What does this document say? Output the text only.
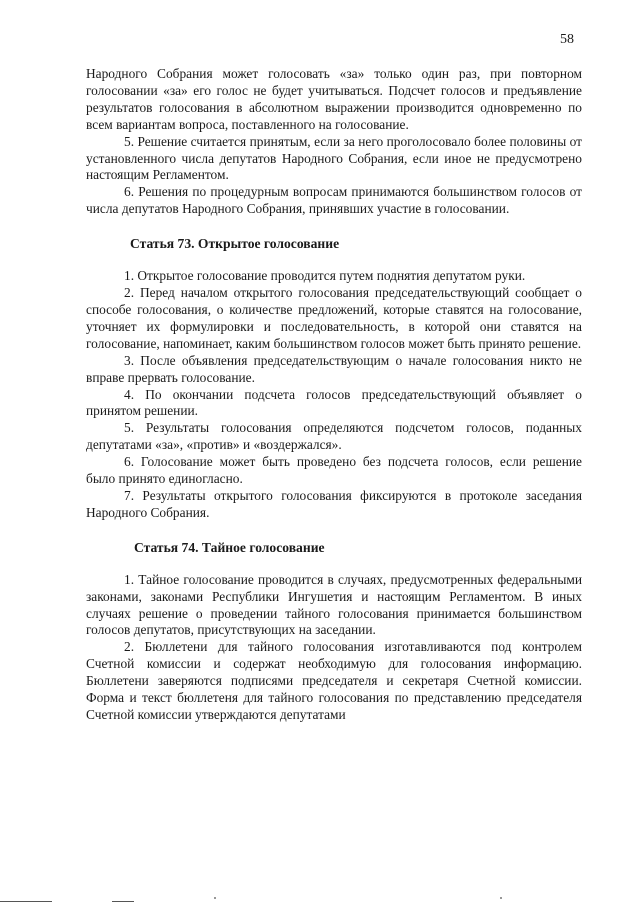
58

Народного Собрания может голосовать «за» только один раз, при повторном голосовании «за» его голос не будет учитываться. Подсчет голосов и предъявление результатов голосования в абсолютном выражении производится одновременно по всем вариантам вопроса, поставленного на голосование.

5. Решение считается принятым, если за него проголосовало более половины от установленного числа депутатов Народного Собрания, если иное не предусмотрено настоящим Регламентом.

6. Решения по процедурным вопросам принимаются большинством голосов от числа депутатов Народного Собрания, принявших участие в голосовании.

Статья 73. Открытое голосование

1. Открытое голосование проводится путем поднятия депутатом руки.

2. Перед началом открытого голосования председательствующий сообщает о способе голосования, о количестве предложений, которые ставятся на голосование, уточняет их формулировки и последовательность, в которой они ставятся на голосование, напоминает, каким большинством голосов может быть принято решение.

3. После объявления председательствующим о начале голосования никто не вправе прервать голосование.

4. По окончании подсчета голосов председательствующий объявляет о принятом решении.

5. Результаты голосования определяются подсчетом голосов, поданных депутатами «за», «против» и «воздержался».

6. Голосование может быть проведено без подсчета голосов, если решение было принято единогласно.

7. Результаты открытого голосования фиксируются в протоколе заседания Народного Собрания.

Статья 74. Тайное голосование

1. Тайное голосование проводится в случаях, предусмотренных федеральными законами, законами Республики Ингушетия и настоящим Регламентом. В иных случаях решение о проведении тайного голосования принимается большинством голосов депутатов, присутствующих на заседании.

2. Бюллетени для тайного голосования изготавливаются под контролем Счетной комиссии и содержат необходимую для голосования информацию. Бюллетени заверяются подписями председателя и секретаря Счетной комиссии. Форма и текст бюллетеня для тайного голосования по представлению председателя Счетной комиссии утверждаются депутатами
